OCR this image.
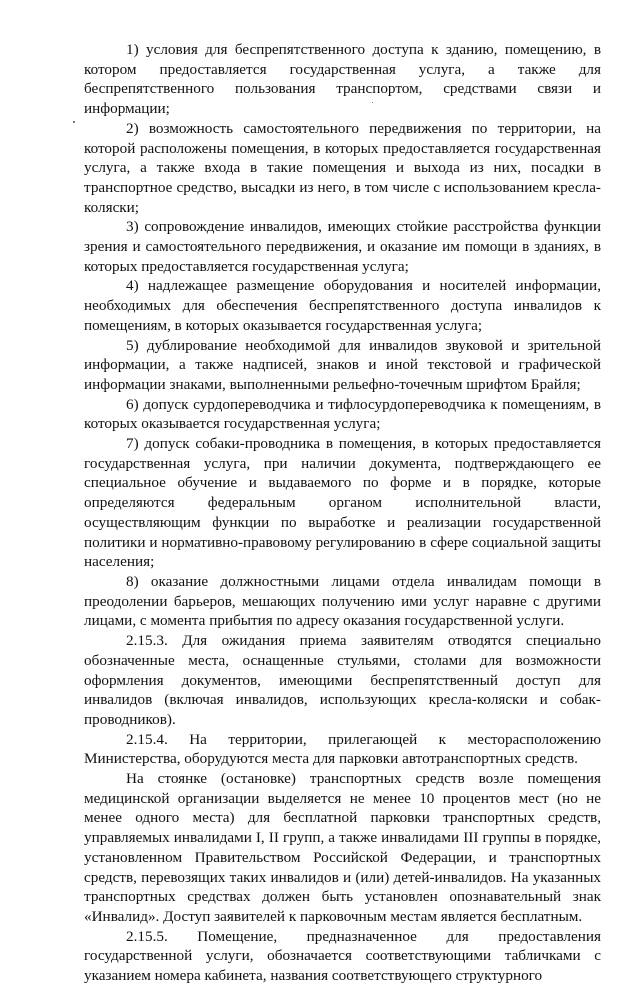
1) условия для беспрепятственного доступа к зданию, помещению, в котором предоставляется государственная услуга, а также для беспрепятственного пользования транспортом, средствами связи и информации;

2) возможность самостоятельного передвижения по территории, на которой расположены помещения, в которых предоставляется государственная услуга, а также входа в такие помещения и выхода из них, посадки в транспортное средство, высадки из него, в том числе с использованием кресла-коляски;

3) сопровождение инвалидов, имеющих стойкие расстройства функции зрения и самостоятельного передвижения, и оказание им помощи в зданиях, в которых предоставляется государственная услуга;

4) надлежащее размещение оборудования и носителей информации, необходимых для обеспечения беспрепятственного доступа инвалидов к помещениям, в которых оказывается государственная услуга;

5) дублирование необходимой для инвалидов звуковой и зрительной информации, а также надписей, знаков и иной текстовой и графической информации знаками, выполненными рельефно-точечным шрифтом Брайля;

6) допуск сурдопереводчика и тифлосурдопереводчика к помещениям, в которых оказывается государственная услуга;

7) допуск собаки-проводника в помещения, в которых предоставляется государственная услуга, при наличии документа, подтверждающего ее специальное обучение и выдаваемого по форме и в порядке, которые определяются федеральным органом исполнительной власти, осуществляющим функции по выработке и реализации государственной политики и нормативно-правовому регулированию в сфере социальной защиты населения;

8) оказание должностными лицами отдела инвалидам помощи в преодолении барьеров, мешающих получению ими услуг наравне с другими лицами, с момента прибытия по адресу оказания государственной услуги.

2.15.3. Для ожидания приема заявителям отводятся специально обозначенные места, оснащенные стульями, столами для возможности оформления документов, имеющими беспрепятственный доступ для инвалидов (включая инвалидов, использующих кресла-коляски и собак-проводников).

2.15.4. На территории, прилегающей к месторасположению Министерства, оборудуются места для парковки автотранспортных средств.

На стоянке (остановке) транспортных средств возле помещения медицинской организации выделяется не менее 10 процентов мест (но не менее одного места) для бесплатной парковки транспортных средств, управляемых инвалидами I, II групп, а также инвалидами III группы в порядке, установленном Правительством Российской Федерации, и транспортных средств, перевозящих таких инвалидов и (или) детей-инвалидов. На указанных транспортных средствах должен быть установлен опознавательный знак «Инвалид». Доступ заявителей к парковочным местам является бесплатным.

2.15.5. Помещение, предназначенное для предоставления государственной услуги, обозначается соответствующими табличками с указанием номера кабинета, названия соответствующего структурного
